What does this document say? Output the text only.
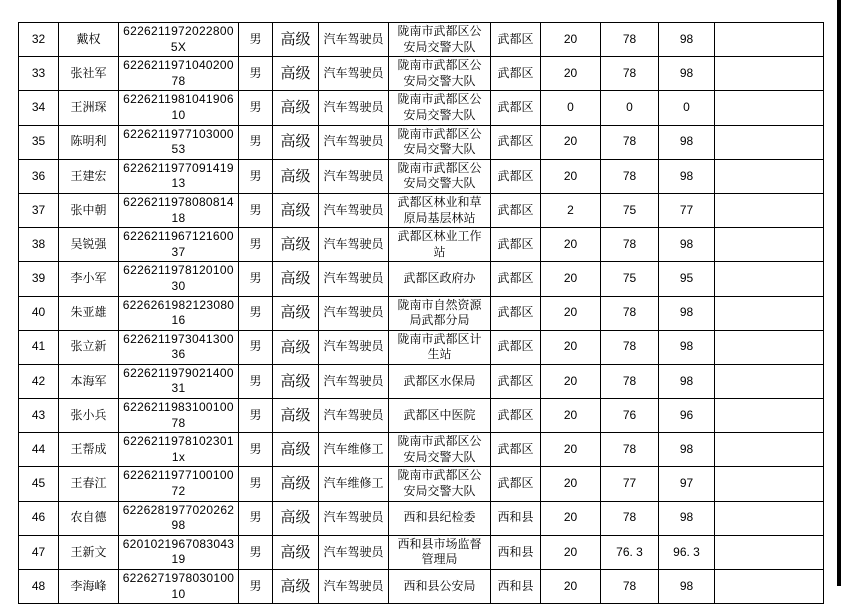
32	戴权	62262119720228005X	男	高级	汽车驾驶员	陇南市武都区公安局交警大队	武都区	20	78	98	
33	张社军	622621197104020078	男	高级	汽车驾驶员	陇南市武都区公安局交警大队	武都区	20	78	98	
34	王洲琛	622621198104190610	男	高级	汽车驾驶员	陇南市武都区公安局交警大队	武都区	0	0	0	
35	陈明利	622621197710300053	男	高级	汽车驾驶员	陇南市武都区公安局交警大队	武都区	20	78	98	
36	王建宏	622621197709141913	男	高级	汽车驾驶员	陇南市武都区公安局交警大队	武都区	20	78	98	
37	张中朝	622621197808081418	男	高级	汽车驾驶员	武都区林业和草原局基层林站	武都区	2	75	77	
38	吴锐强	622621196712160037	男	高级	汽车驾驶员	武都区林业工作站	武都区	20	78	98	
39	李小军	622621197812010030	男	高级	汽车驾驶员	武都区政府办	武都区	20	75	95	
40	朱亚雄	622626198212308016	男	高级	汽车驾驶员	陇南市自然资源局武都分局	武都区	20	78	98	
41	张立新	622621197304130036	男	高级	汽车驾驶员	陇南市武都区计生站	武都区	20	78	98	
42	本海军	622621197902140031	男	高级	汽车驾驶员	武都区水保局	武都区	20	78	98	
43	张小兵	622621198310010078	男	高级	汽车驾驶员	武都区中医院	武都区	20	76	96	
44	王帮成	62262119781023011x	男	高级	汽车维修工	陇南市武都区公安局交警大队	武都区	20	78	98	
45	王春江	622621197710010072	男	高级	汽车维修工	陇南市武都区公安局交警大队	武都区	20	77	97	
46	农自德	622628197702026298	男	高级	汽车驾驶员	西和县纪检委	西和县	20	78	98	
47	王新文	620102196708304319	男	高级	汽车驾驶员	西和县市场监督管理局	西和县	20	76. 3	96. 3	
48	李海峰	622627197803010010	男	高级	汽车驾驶员	西和县公安局	西和县	20	78	98	
